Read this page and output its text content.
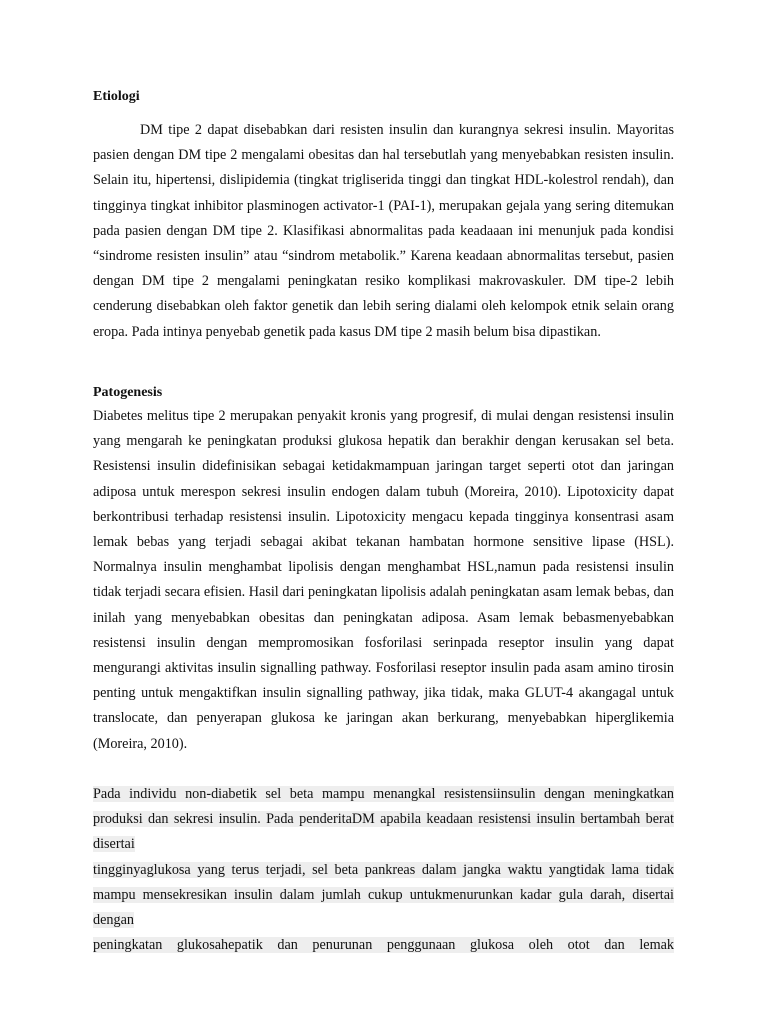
Etiologi

DM tipe 2 dapat disebabkan dari resisten insulin dan kurangnya sekresi insulin. Mayoritas pasien dengan DM tipe 2 mengalami obesitas dan hal tersebutlah yang menyebabkan resisten insulin. Selain itu, hipertensi, dislipidemia (tingkat trigliserida tinggi dan tingkat HDL-kolestrol rendah), dan tingginya tingkat inhibitor plasminogen activator-1 (PAI-1), merupakan gejala yang sering ditemukan pada pasien dengan DM tipe 2. Klasifikasi abnormalitas pada keadaaan ini menunjuk pada kondisi “sindrome resisten insulin” atau “sindrom metabolik.” Karena keadaan abnormalitas tersebut, pasien dengan DM tipe 2 mengalami peningkatan resiko komplikasi makrovaskuler. DM tipe-2 lebih cenderung disebabkan oleh faktor genetik dan lebih sering dialami oleh kelompok etnik selain orang eropa. Pada intinya penyebab genetik pada kasus DM tipe 2 masih belum bisa dipastikan.

Patogenesis

Diabetes melitus tipe 2 merupakan penyakit kronis yang progresif, di mulai dengan resistensi insulin yang mengarah ke peningkatan produksi glukosa hepatik dan berakhir dengan kerusakan sel beta. Resistensi insulin didefinisikan sebagai ketidakmampuan jaringan target seperti otot dan jaringan adiposa untuk merespon sekresi insulin endogen dalam tubuh (Moreira, 2010). Lipotoxicity dapat berkontribusi terhadap resistensi insulin. Lipotoxicity mengacu kepada tingginya konsentrasi asam lemak bebas yang terjadi sebagai akibat tekanan hambatan hormone sensitive lipase (HSL). Normalnya insulin menghambat lipolisis dengan menghambat HSL,namun pada resistensi insulin tidak terjadi secara efisien. Hasil dari peningkatan lipolisis adalah peningkatan asam lemak bebas, dan inilah yang menyebabkan obesitas dan peningkatan adiposa. Asam lemak bebasmenyebabkan resistensi insulin dengan mempromosikan fosforilasi serinpada reseptor insulin yang dapat mengurangi aktivitas insulin signalling pathway. Fosforilasi reseptor insulin pada asam amino tirosin penting untuk mengaktifkan insulin signalling pathway, jika tidak, maka GLUT-4 akangagal untuk translocate, dan penyerapan glukosa ke jaringan akan berkurang, menyebabkan hiperglikemia (Moreira, 2010).

Pada individu non-diabetik sel beta mampu menangkal resistensiinsulin dengan meningkatkan
produksi dan sekresi insulin. Pada penderitaDM apabila keadaan resistensi insulin bertambah berat disertai
tingginyaglukosa yang terus terjadi, sel beta pankreas dalam jangka waktu yangtidak lama tidak
mampu mensekresikan insulin dalam jumlah cukup untukmenurunkan kadar gula darah, disertai dengan
peningkatan glukosahepatik dan penurunan penggunaan glukosa oleh otot dan lemak
